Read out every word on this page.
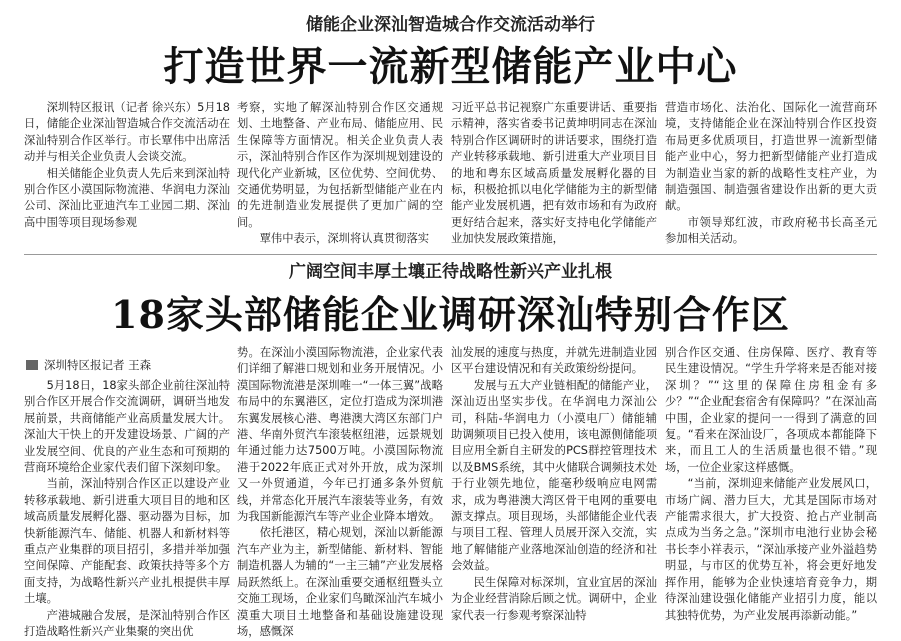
储能企业深汕智造城合作交流活动举行
打造世界一流新型储能产业中心

深圳特区报讯（记者 徐兴东）5月18日，储能企业深汕智造城合作交流活动在深汕特别合作区举行。市长覃伟中出席活动并与相关企业负责人会谈交流。

相关储能企业负责人先后来到深汕特别合作区小漠国际物流港、华润电力深汕公司、深汕比亚迪汽车工业园二期、深汕高中围等项目现场参观

考察，实地了解深汕特别合作区交通规划、土地整备、产业布局、储能应用、民生保障等方面情况。相关企业负责人表示，深汕特别合作区作为深圳规划建设的现代化产业新城，区位优势、空间优势、交通优势明显，为包括新型储能产业在内的先进制造业发展提供了更加广阔的空间。

覃伟中表示，深圳将认真贯彻落实

习近平总书记视察广东重要讲话、重要指示精神，落实省委书记黄坤明同志在深汕特别合作区调研时的讲话要求，围绕打造产业转移承载地、新引进重大产业项目目的地和粤东区域高质量发展孵化器的目标，积极抢抓以电化学储能为主的新型储能产业发展机遇，把有效市场和有为政府更好结合起来，落实好支持电化学储能产业加快发展政策措施，

营造市场化、法治化、国际化一流营商环境，支持储能企业在深汕特别合作区投资布局更多优质项目，打造世界一流新型储能产业中心，努力把新型储能产业打造成为制造业当家的新的战略性支柱产业，为制造强国、制造强省建设作出新的更大贡献。

市领导郑红波，市政府秘书长高圣元参加相关活动。

广阔空间丰厚土壤正待战略性新兴产业扎根
18家头部储能企业调研深汕特别合作区
深圳特区报记者 王森

5月18日，18家头部企业前往深汕特别合作区开展合作交流调研，调研当地发展前景，共商储能产业高质量发展大计。深汕大干快上的开发建设场景、广阔的产业发展空间、优良的产业生态和可预期的营商环境给企业家代表们留下深刻印象。

当前，深汕特别合作区正以建设产业转移承载地、新引进重大项目目的地和区域高质量发展孵化器、驱动器为目标，加快新能源汽车、储能、机器人和新材料等重点产业集群的项目招引，多措并举加强空间保障、产能配套、政策扶持等多个方面支持，为战略性新兴产业扎根提供丰厚土壤。

产港城融合发展，是深汕特别合作区打造战略性新兴产业集聚的突出优

势。在深汕小漠国际物流港，企业家代表们详细了解港口规划和业务开展情况。小漠国际物流港是深圳唯一“一体三翼”战略布局中的东翼港区，定位打造成为深圳港东翼发展核心港、粤港澳大湾区东部门户港、华南外贸汽车滚装枢纽港，远景规划年通过能力达7500万吨。小漠国际物流港于2022年底正式对外开放，成为深圳又一外贸通道，今年已打通多条外贸航线，并常态化开展汽车滚装等业务，有效为我国新能源汽车等产业企业降本增效。

依托港区，精心规划，深汕以新能源汽车产业为主，新型储能、新材料、智能制造机器人为辅的“一主三辅”产业发展格局跃然纸上。在深汕重要交通枢纽暨头立交施工现场，企业家们鸟瞰深汕汽车城小漠重大项目土地整备和基础设施建设现场，感慨深

汕发展的速度与热度，并就先进制造业园区平台建设情况和有关政策纷纷提问。

发展与五大产业链相配的储能产业，深汕迈出坚实步伐。在华润电力深汕公司，科陆-华润电力（小漠电厂）储能辅助调频项目已投入使用，该电源侧储能项目应用全新自主研发的PCS群控管理技术以及BMS系统，其中火储联合调频技术处于行业领先地位，能毫秒级响应电网需求，成为粤港澳大湾区骨干电网的重要电源支撑点。项目现场，头部储能企业代表与项目工程、管理人员展开深入交流，实地了解储能产业落地深汕创造的经济和社会效益。

民生保障对标深圳，宜业宜居的深汕为企业经营消除后顾之忧。调研中，企业家代表一行参观考察深汕特

别合作区交通、住房保障、医疗、教育等民生建设情况。“学生升学将来是否能对接深圳？”“这里的保障住房租金有多少？”“企业配套宿舍有保障吗？”在深汕高中围，企业家的提问一一得到了满意的回复。“看来在深汕设厂，各项成本都能降下来，而且工人的生活质量也很不错。”现场，一位企业家这样感慨。

“当前，深圳迎来储能产业发展风口，市场广阔、潜力巨大，尤其是国际市场对产能需求很大，扩大投资、抢占产业制高点成为当务之急。”深圳市电池行业协会秘书长李小祥表示，“深汕承接产业外溢趋势明显，与市区的优势互补，将会更好地发挥作用，能够为企业快速培育竞争力，期待深汕建设强化储能产业招引力度，能以其独特优势，为产业发展再添新动能。”
